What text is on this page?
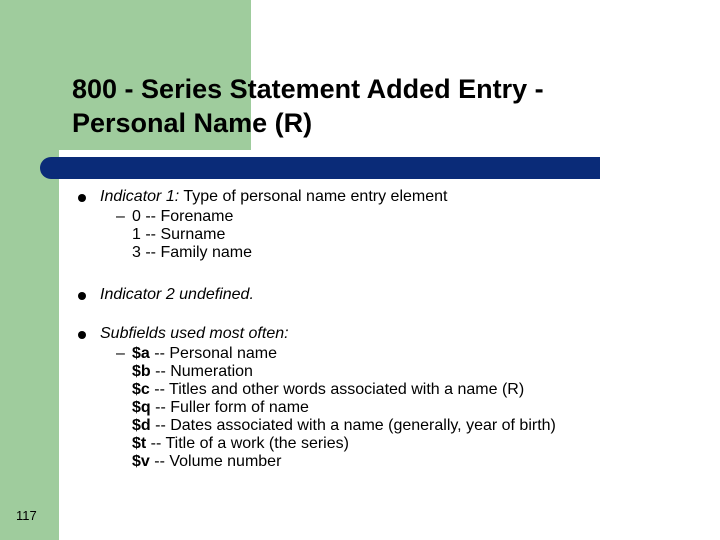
800 - Series Statement Added Entry -
Personal Name (R)
Indicator 1: Type of personal name entry element
– 0 -- Forename
1 -- Surname
3 -- Family name
Indicator 2 undefined.
Subfields used most often:
– $a -- Personal name
$b -- Numeration
$c -- Titles and other words associated with a name (R)
$q -- Fuller form of name
$d -- Dates associated with a name (generally, year of birth)
$t -- Title of a work (the series)
$v -- Volume number
117
